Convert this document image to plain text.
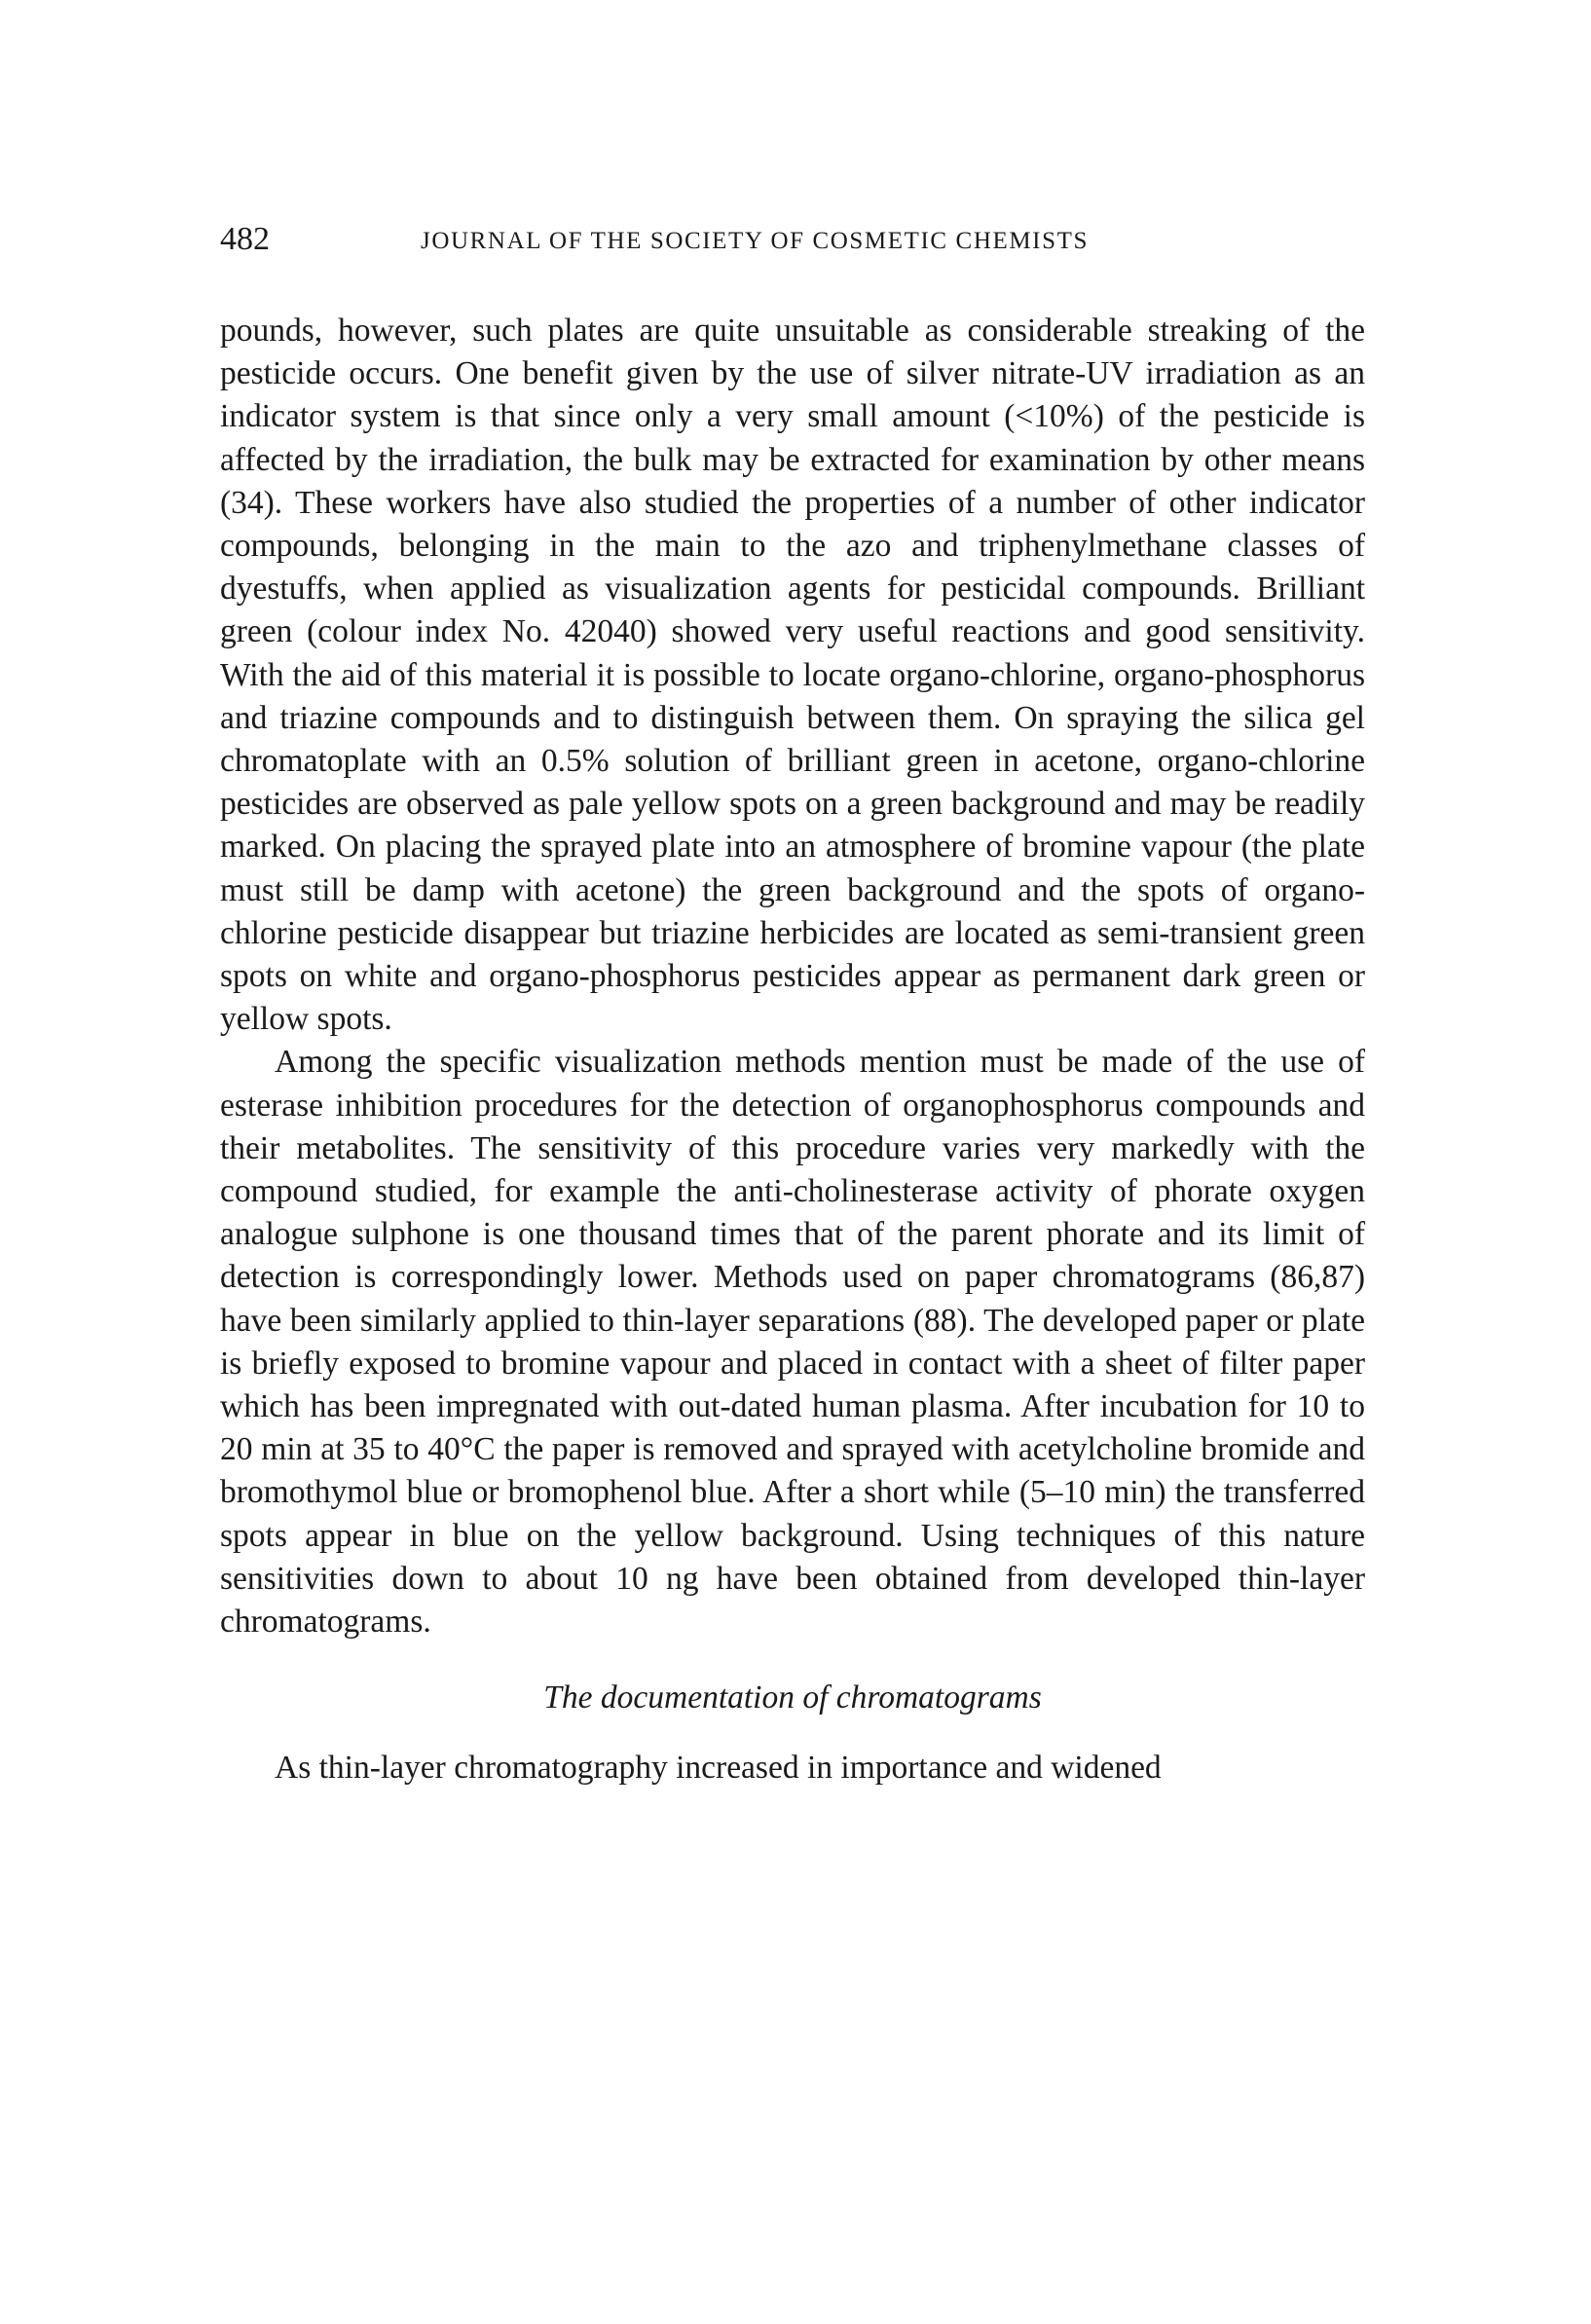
482	JOURNAL OF THE SOCIETY OF COSMETIC CHEMISTS

pounds, however, such plates are quite unsuitable as considerable streaking of the pesticide occurs. One benefit given by the use of silver nitrate-UV irradiation as an indicator system is that since only a very small amount (<10%) of the pesticide is affected by the irradiation, the bulk may be extracted for examination by other means (34). These workers have also studied the properties of a number of other indicator compounds, belonging in the main to the azo and triphenylmethane classes of dyestuffs, when applied as visualization agents for pesticidal compounds. Brilliant green (colour index No. 42040) showed very useful reactions and good sensitivity. With the aid of this material it is possible to locate organo-chlorine, organo-phosphorus and triazine compounds and to distinguish between them. On spraying the silica gel chromatoplate with an 0.5% solution of brilliant green in acetone, organo-chlorine pesticides are observed as pale yellow spots on a green background and may be readily marked. On placing the sprayed plate into an atmosphere of bromine vapour (the plate must still be damp with acetone) the green background and the spots of organo-chlorine pesticide disappear but triazine herbicides are located as semi-transient green spots on white and organo-phosphorus pesticides appear as permanent dark green or yellow spots.

Among the specific visualization methods mention must be made of the use of esterase inhibition procedures for the detection of organophosphorus compounds and their metabolites. The sensitivity of this procedure varies very markedly with the compound studied, for example the anti-cholinesterase activity of phorate oxygen analogue sulphone is one thousand times that of the parent phorate and its limit of detection is correspondingly lower. Methods used on paper chromatograms (86,87) have been similarly applied to thin-layer separations (88). The developed paper or plate is briefly exposed to bromine vapour and placed in contact with a sheet of filter paper which has been impregnated with out-dated human plasma. After incubation for 10 to 20 min at 35 to 40°C the paper is removed and sprayed with acetylcholine bromide and bromothymol blue or bromophenol blue. After a short while (5–10 min) the transferred spots appear in blue on the yellow background. Using techniques of this nature sensitivities down to about 10 ng have been obtained from developed thin-layer chromatograms.

The documentation of chromatograms

As thin-layer chromatography increased in importance and widened
